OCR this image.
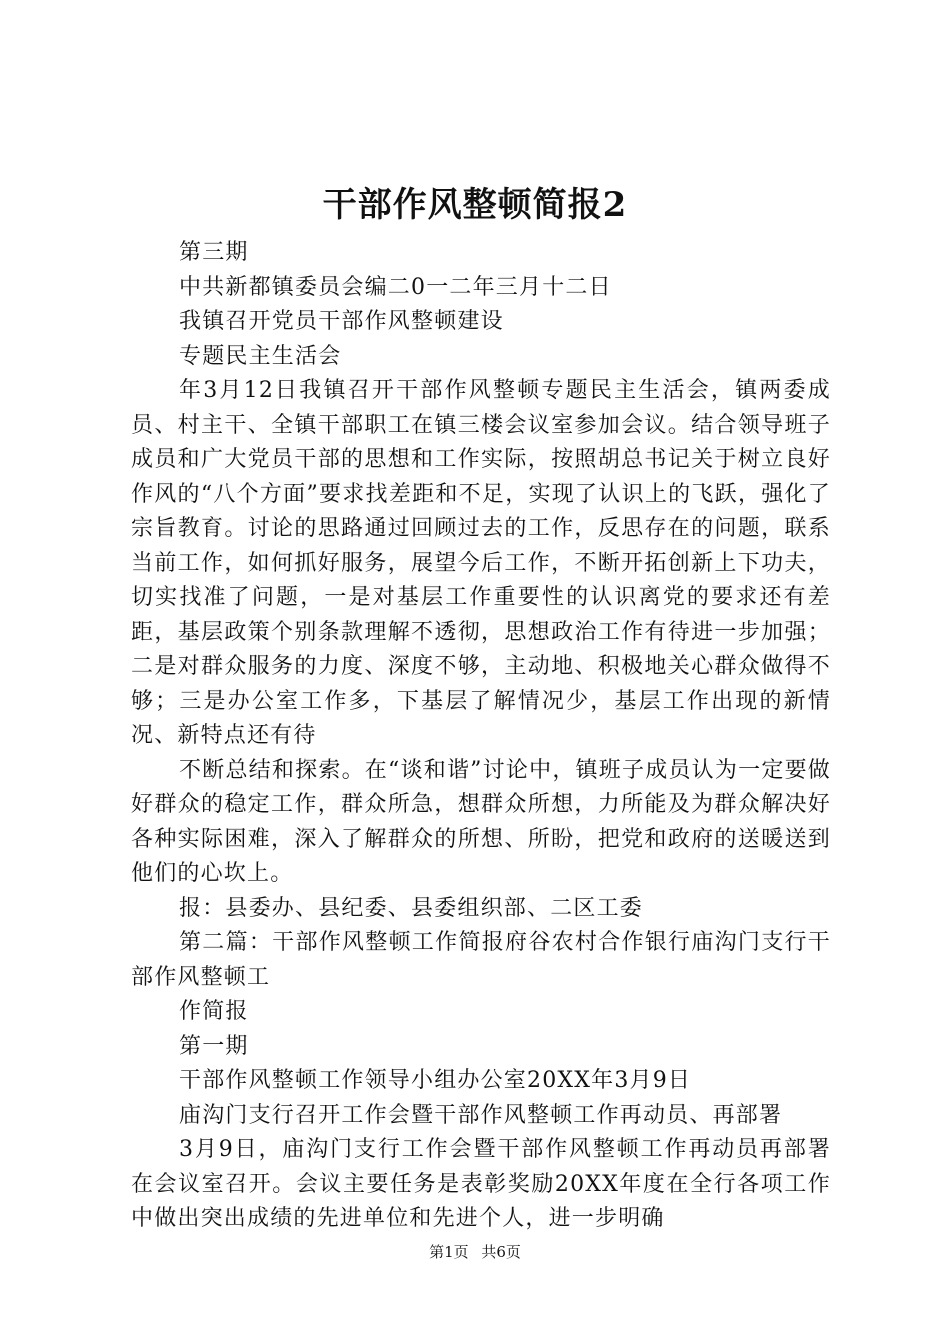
干部作风整顿简报2

第三期

中共新都镇委员会编二0一二年三月十二日

我镇召开党员干部作风整顿建设

专题民主生活会

年3月12日我镇召开干部作风整顿专题民主生活会，镇两委成员、村主干、全镇干部职工在镇三楼会议室参加会议。结合领导班子成员和广大党员干部的思想和工作实际，按照胡总书记关于树立良好作风的“八个方面”要求找差距和不足，实现了认识上的飞跃，强化了宗旨教育。讨论的思路通过回顾过去的工作，反思存在的问题，联系当前工作，如何抓好服务，展望今后工作，不断开拓创新上下功夫，切实找准了问题，一是对基层工作重要性的认识离党的要求还有差距，基层政策个别条款理解不透彻，思想政治工作有待进一步加强；二是对群众服务的力度、深度不够，主动地、积极地关心群众做得不够；三是办公室工作多，下基层了解情况少，基层工作出现的新情况、新特点还有待

不断总结和探索。在“谈和谐”讨论中，镇班子成员认为一定要做好群众的稳定工作，群众所急，想群众所想，力所能及为群众解决好各种实际困难，深入了解群众的所想、所盼，把党和政府的送暖送到他们的心坎上。

报：县委办、县纪委、县委组织部、二区工委

第二篇：干部作风整顿工作简报府谷农村合作银行庙沟门支行干部作风整顿工

作简报

第一期

干部作风整顿工作领导小组办公室20XX年3月9日

庙沟门支行召开工作会暨干部作风整顿工作再动员、再部署

3月9日，庙沟门支行工作会暨干部作风整顿工作再动员再部署在会议室召开。会议主要任务是表彰奖励20XX年度在全行各项工作中做出突出成绩的先进单位和先进个人，进一步明确

第1页 共6页
